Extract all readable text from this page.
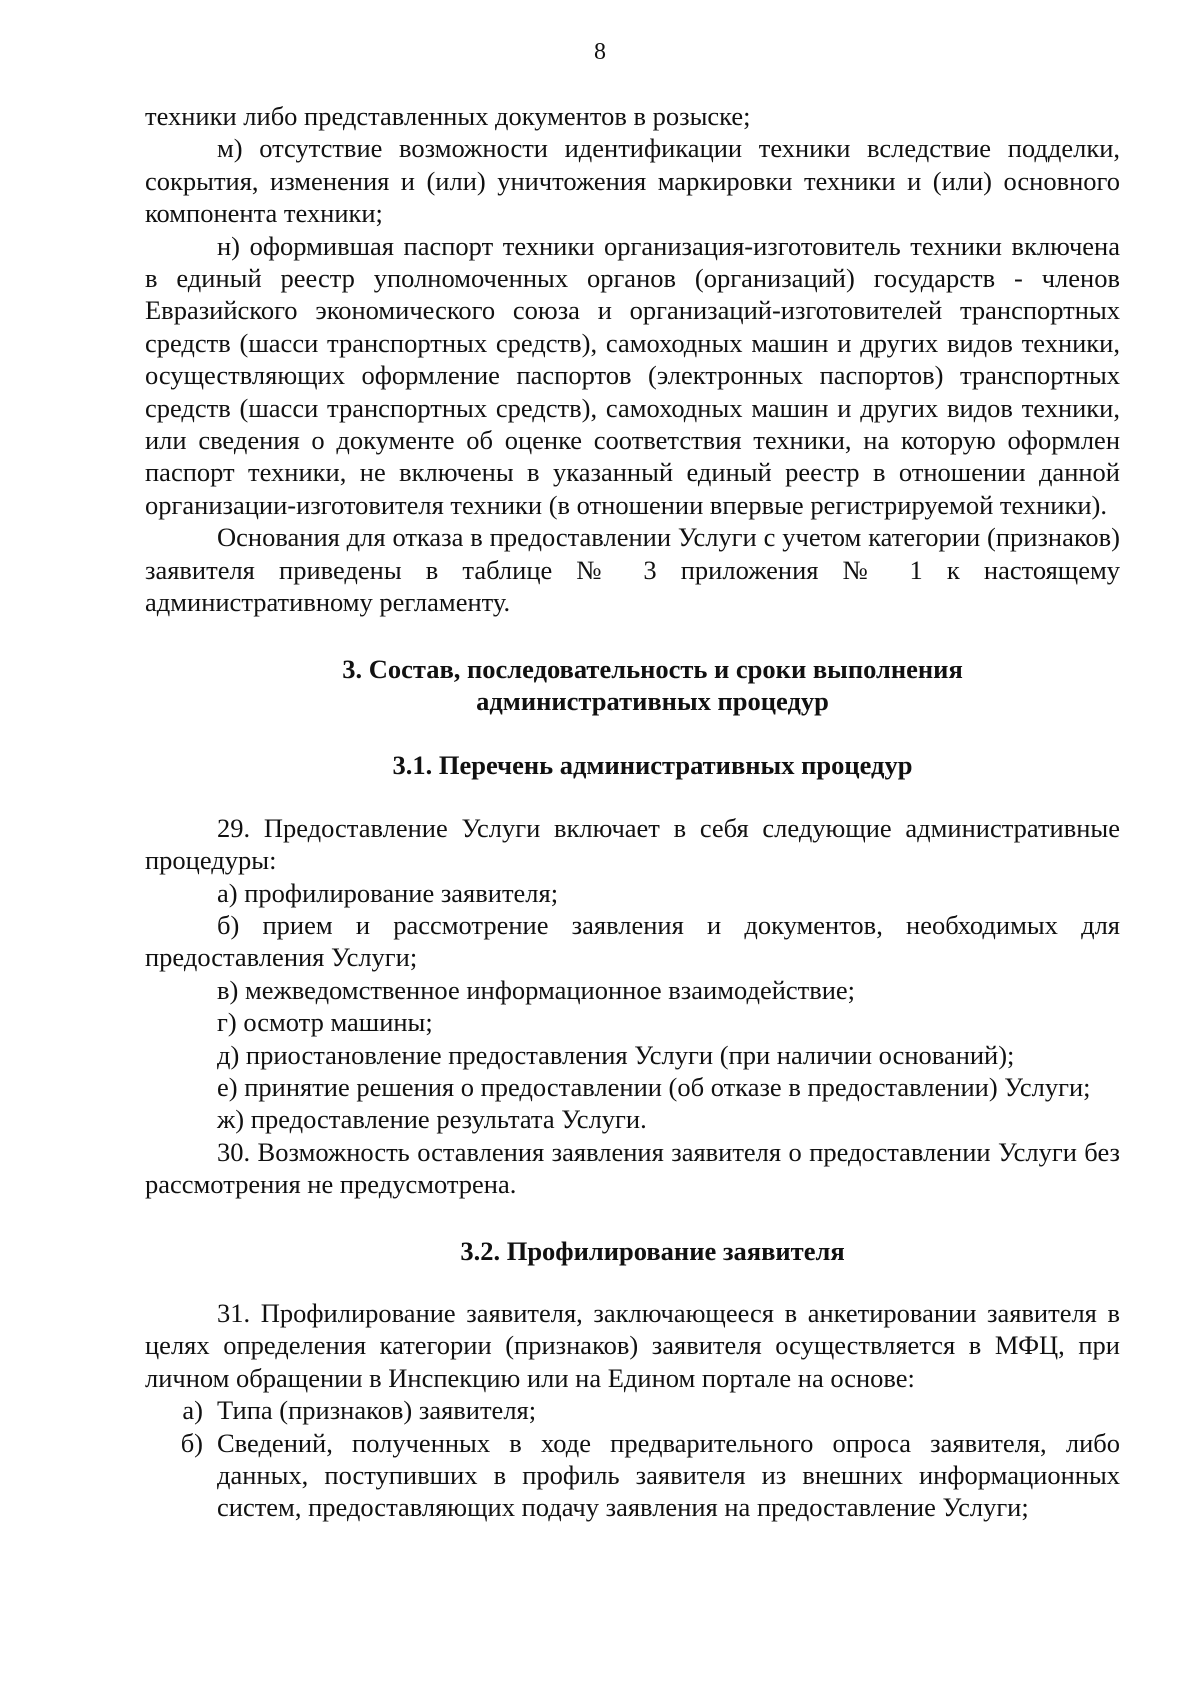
8

техники либо представленных документов в розыске;

м) отсутствие возможности идентификации техники вследствие подделки, сокрытия, изменения и (или) уничтожения маркировки техники и (или) основного компонента техники;

н) оформившая паспорт техники организация-изготовитель техники включена в единый реестр уполномоченных органов (организаций) государств - членов Евразийского экономического союза и организаций-изготовителей транспортных средств (шасси транспортных средств), самоходных машин и других видов техники, осуществляющих оформление паспортов (электронных паспортов) транспортных средств (шасси транспортных средств), самоходных машин и других видов техники, или сведения о документе об оценке соответствия техники, на которую оформлен паспорт техники, не включены в указанный единый реестр в отношении данной организации-изготовителя техники (в отношении впервые регистрируемой техники).

Основания для отказа в предоставлении Услуги с учетом категории (признаков) заявителя приведены в таблице № 3 приложения № 1 к настоящему административному регламенту.

3. Состав, последовательность и сроки выполнения
административных процедур
3.1. Перечень административных процедур

29. Предоставление Услуги включает в себя следующие административные процедуры:

а) профилирование заявителя;

б) прием и рассмотрение заявления и документов, необходимых для предоставления Услуги;

в) межведомственное информационное взаимодействие;

г) осмотр машины;

д) приостановление предоставления Услуги (при наличии оснований);

е) принятие решения о предоставлении (об отказе в предоставлении) Услуги;

ж) предоставление результата Услуги.

30. Возможность оставления заявления заявителя о предоставлении Услуги без рассмотрения не предусмотрена.

3.2. Профилирование заявителя

31. Профилирование заявителя, заключающееся в анкетировании заявителя в целях определения категории (признаков) заявителя осуществляется в МФЦ, при личном обращении в Инспекцию или на Едином портале на основе:

а) Типа (признаков) заявителя;
б) Сведений, полученных в ходе предварительного опроса заявителя, либо данных, поступивших в профиль заявителя из внешних информационных систем, предоставляющих подачу заявления на предоставление Услуги;
